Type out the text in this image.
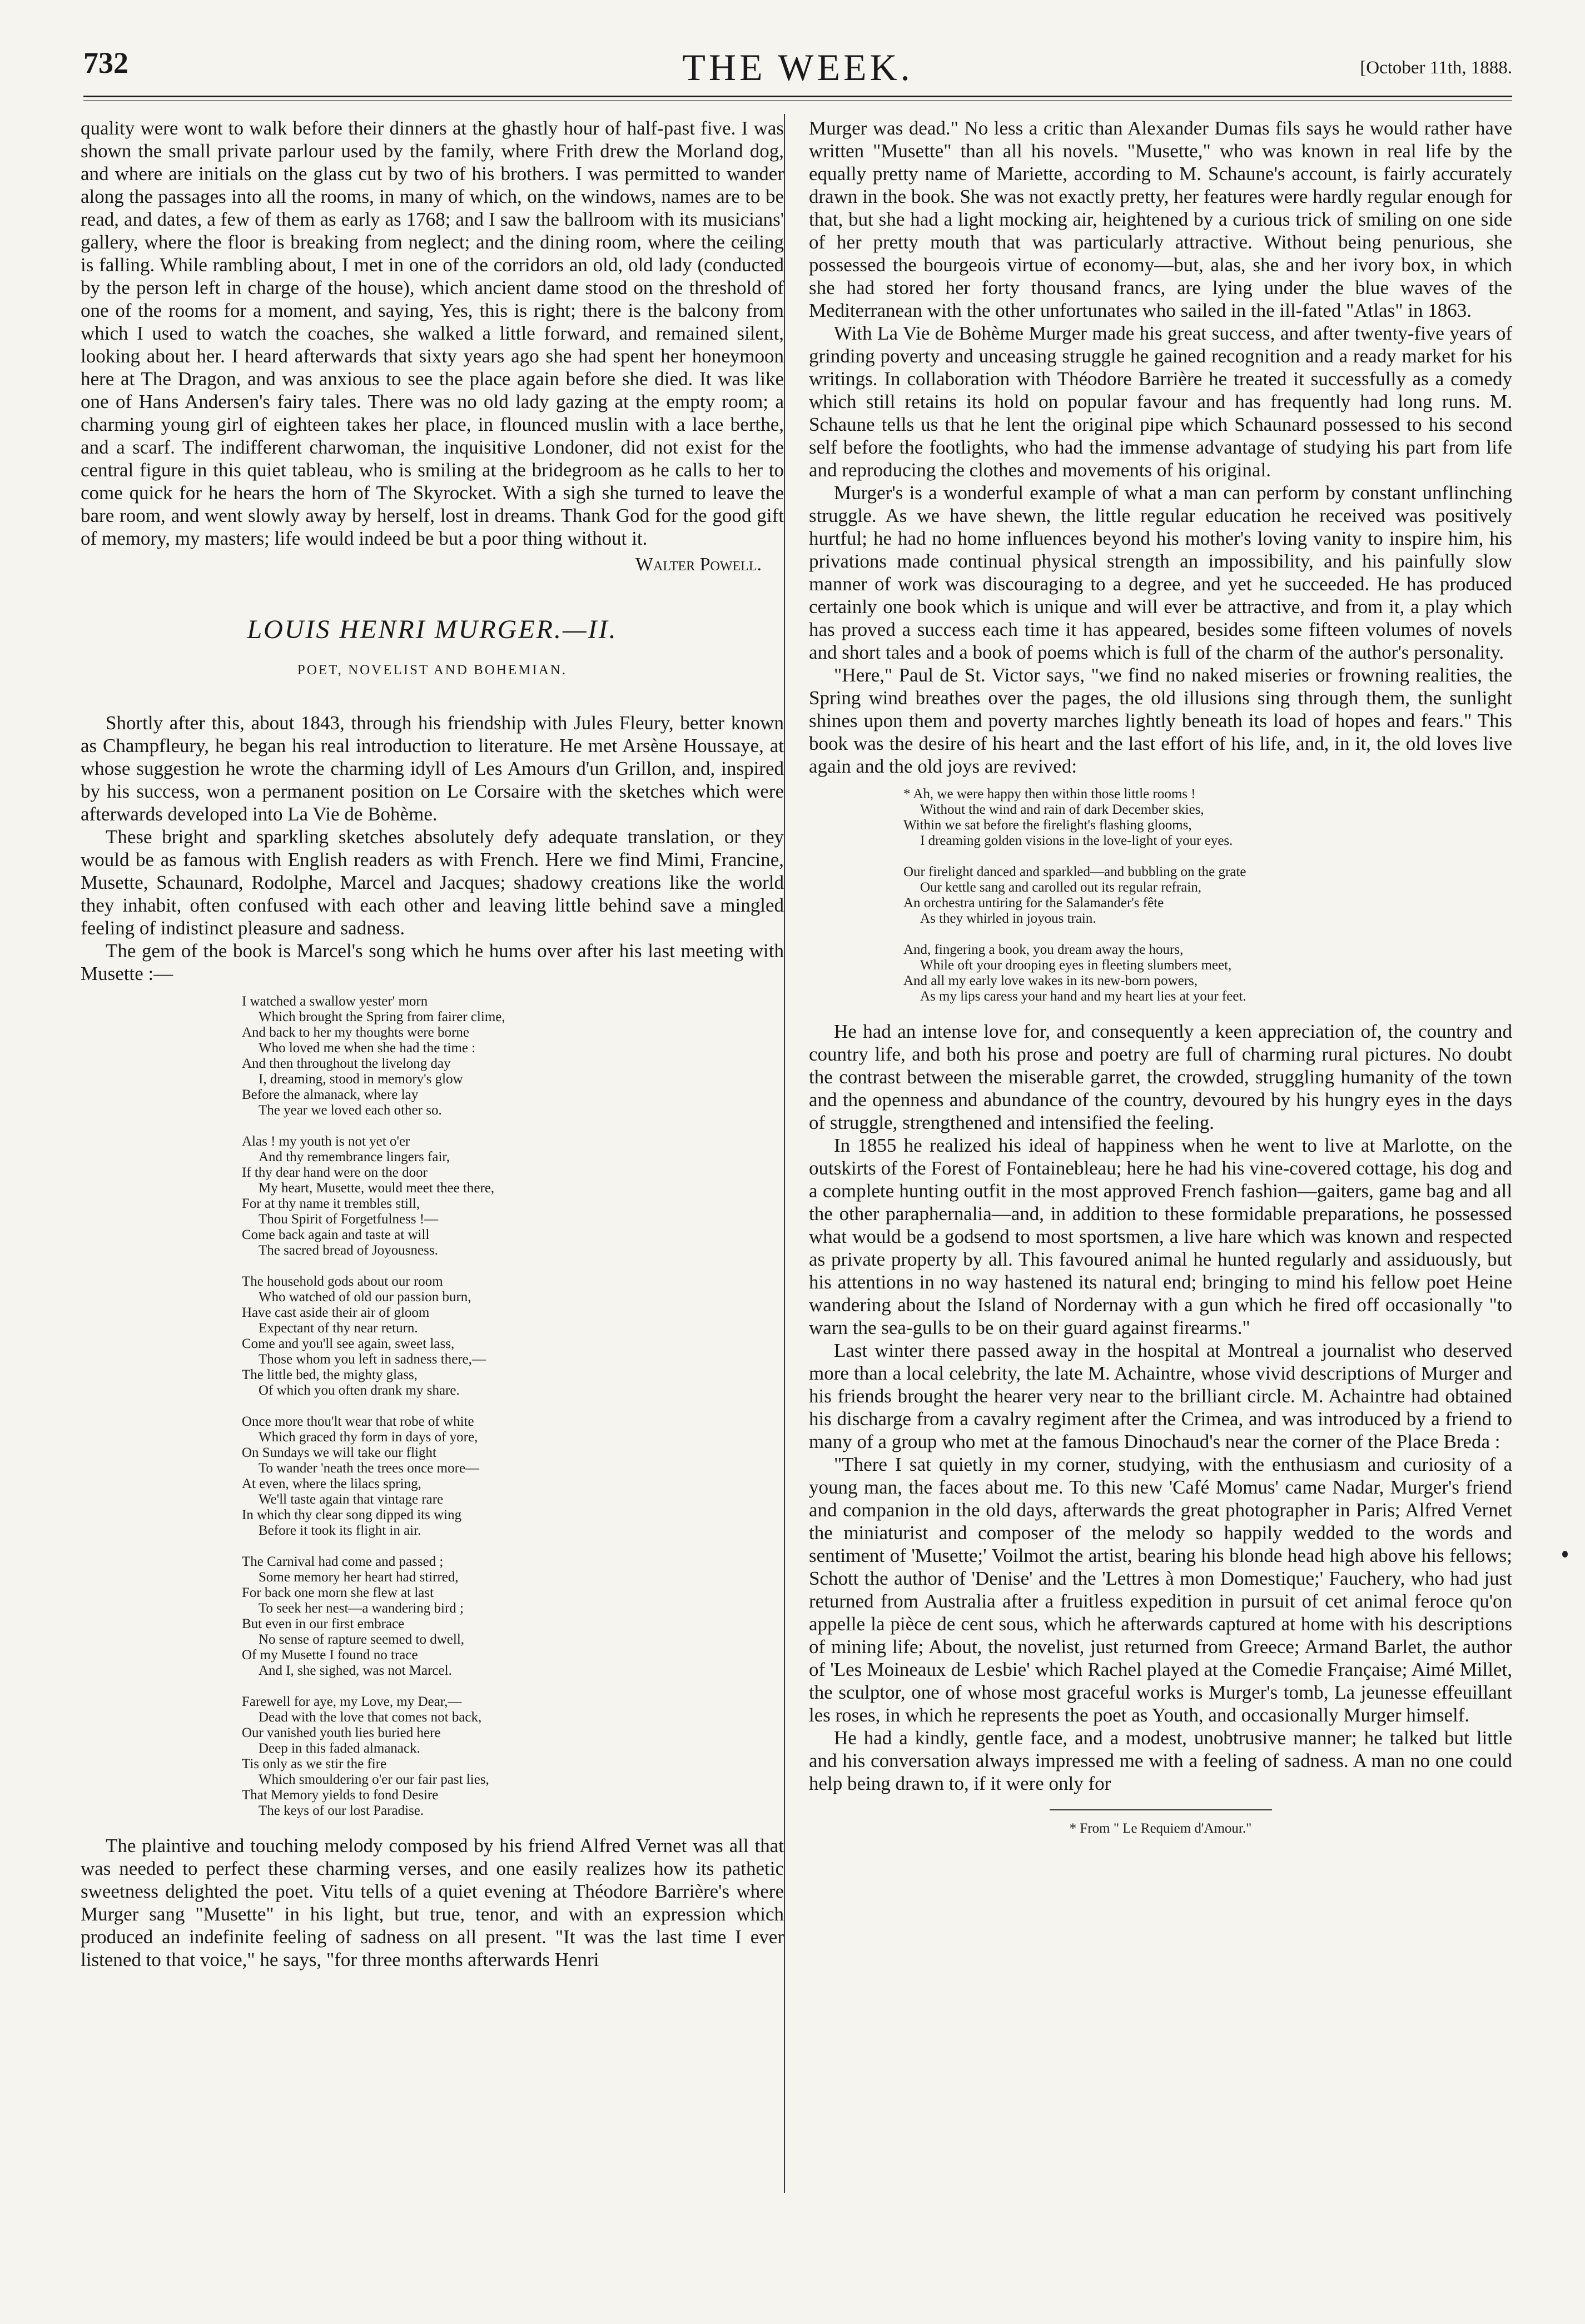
732	THE WEEK.	[October 11th, 1888.

quality were wont to walk before their dinners at the ghastly hour of half-past five. I was shown the small private parlour used by the family, where Frith drew the Morland dog, and where are initials on the glass cut by two of his brothers. I was permitted to wander along the passages into all the rooms, in many of which, on the windows, names are to be read, and dates, a few of them as early as 1768; and I saw the ballroom with its musicians' gallery, where the floor is breaking from neglect; and the dining room, where the ceiling is falling. While rambling about, I met in one of the corridors an old, old lady (conducted by the person left in charge of the house), which ancient dame stood on the threshold of one of the rooms for a moment, and saying, Yes, this is right; there is the balcony from which I used to watch the coaches, she walked a little forward, and remained silent, looking about her. I heard afterwards that sixty years ago she had spent her honeymoon here at The Dragon, and was anxious to see the place again before she died. It was like one of Hans Andersen's fairy tales. There was no old lady gazing at the empty room; a charming young girl of eighteen takes her place, in flounced muslin with a lace berthe, and a scarf. The indifferent charwoman, the inquisitive Londoner, did not exist for the central figure in this quiet tableau, who is smiling at the bridegroom as he calls to her to come quick for he hears the horn of The Skyrocket. With a sigh she turned to leave the bare room, and went slowly away by herself, lost in dreams. Thank God for the good gift of memory, my masters; life would indeed be but a poor thing without it.

Walter Powell.
LOUIS HENRI MURGER.—II.
POET, NOVELIST AND BOHEMIAN.

Shortly after this, about 1843, through his friendship with Jules Fleury, better known as Champfleury, he began his real introduction to literature. He met Arsène Houssaye, at whose suggestion he wrote the charming idyll of Les Amours d'un Grillon, and, inspired by his success, won a permanent position on Le Corsaire with the sketches which were afterwards developed into La Vie de Bohème.

These bright and sparkling sketches absolutely defy adequate translation, or they would be as famous with English readers as with French. Here we find Mimi, Francine, Musette, Schaunard, Rodolphe, Marcel and Jacques; shadowy creations like the world they inhabit, often confused with each other and leaving little behind save a mingled feeling of indistinct pleasure and sadness.

The gem of the book is Marcel's song which he hums over after his last meeting with Musette :—

I watched a swallow yester' morn
Which brought the Spring from fairer clime,
And back to her my thoughts were borne
Who loved me when she had the time :
And then throughout the livelong day
I, dreaming, stood in memory's glow
Before the almanack, where lay
The year we loved each other so.
Alas ! my youth is not yet o'er
And thy remembrance lingers fair,
If thy dear hand were on the door
My heart, Musette, would meet thee there,
For at thy name it trembles still,
Thou Spirit of Forgetfulness !—
Come back again and taste at will
The sacred bread of Joyousness.
The household gods about our room
Who watched of old our passion burn,
Have cast aside their air of gloom
Expectant of thy near return.
Come and you'll see again, sweet lass,
Those whom you left in sadness there,—
The little bed, the mighty glass,
Of which you often drank my share.
Once more thou'lt wear that robe of white
Which graced thy form in days of yore,
On Sundays we will take our flight
To wander 'neath the trees once more—
At even, where the lilacs spring,
We'll taste again that vintage rare
In which thy clear song dipped its wing
Before it took its flight in air.
The Carnival had come and passed ;
Some memory her heart had stirred,
For back one morn she flew at last
To seek her nest—a wandering bird ;
But even in our first embrace
No sense of rapture seemed to dwell,
Of my Musette I found no trace
And I, she sighed, was not Marcel.
Farewell for aye, my Love, my Dear,—
Dead with the love that comes not back,
Our vanished youth lies buried here
Deep in this faded almanack.
Tis only as we stir the fire
Which smouldering o'er our fair past lies,
That Memory yields to fond Desire
The keys of our lost Paradise.

The plaintive and touching melody composed by his friend Alfred Vernet was all that was needed to perfect these charming verses, and one easily realizes how its pathetic sweetness delighted the poet. Vitu tells of a quiet evening at Théodore Barrière's where Murger sang "Musette" in his light, but true, tenor, and with an expression which produced an indefinite feeling of sadness on all present. "It was the last time I ever listened to that voice," he says, "for three months afterwards Henri

Murger was dead." No less a critic than Alexander Dumas fils says he would rather have written "Musette" than all his novels. "Musette," who was known in real life by the equally pretty name of Mariette, according to M. Schaune's account, is fairly accurately drawn in the book. She was not exactly pretty, her features were hardly regular enough for that, but she had a light mocking air, heightened by a curious trick of smiling on one side of her pretty mouth that was particularly attractive. Without being penurious, she possessed the bourgeois virtue of economy—but, alas, she and her ivory box, in which she had stored her forty thousand francs, are lying under the blue waves of the Mediterranean with the other unfortunates who sailed in the ill-fated "Atlas" in 1863.

With La Vie de Bohème Murger made his great success, and after twenty-five years of grinding poverty and unceasing struggle he gained recognition and a ready market for his writings. In collaboration with Théodore Barrière he treated it successfully as a comedy which still retains its hold on popular favour and has frequently had long runs. M. Schaune tells us that he lent the original pipe which Schaunard possessed to his second self before the footlights, who had the immense advantage of studying his part from life and reproducing the clothes and movements of his original.

Murger's is a wonderful example of what a man can perform by constant unflinching struggle. As we have shewn, the little regular education he received was positively hurtful; he had no home influences beyond his mother's loving vanity to inspire him, his privations made continual physical strength an impossibility, and his painfully slow manner of work was discouraging to a degree, and yet he succeeded. He has produced certainly one book which is unique and will ever be attractive, and from it, a play which has proved a success each time it has appeared, besides some fifteen volumes of novels and short tales and a book of poems which is full of the charm of the author's personality.

"Here," Paul de St. Victor says, "we find no naked miseries or frowning realities, the Spring wind breathes over the pages, the old illusions sing through them, the sunlight shines upon them and poverty marches lightly beneath its load of hopes and fears." This book was the desire of his heart and the last effort of his life, and, in it, the old loves live again and the old joys are revived:

* Ah, we were happy then within those little rooms !
Without the wind and rain of dark December skies,
Within we sat before the firelight's flashing glooms,
I dreaming golden visions in the love-light of your eyes.
Our firelight danced and sparkled—and bubbling on the grate
Our kettle sang and carolled out its regular refrain,
An orchestra untiring for the Salamander's fête
As they whirled in joyous train.
And, fingering a book, you dream away the hours,
While oft your drooping eyes in fleeting slumbers meet,
And all my early love wakes in its new-born powers,
As my lips caress your hand and my heart lies at your feet.

He had an intense love for, and consequently a keen appreciation of, the country and country life, and both his prose and poetry are full of charming rural pictures. No doubt the contrast between the miserable garret, the crowded, struggling humanity of the town and the openness and abundance of the country, devoured by his hungry eyes in the days of struggle, strengthened and intensified the feeling.

In 1855 he realized his ideal of happiness when he went to live at Marlotte, on the outskirts of the Forest of Fontainebleau; here he had his vine-covered cottage, his dog and a complete hunting outfit in the most approved French fashion—gaiters, game bag and all the other paraphernalia—and, in addition to these formidable preparations, he possessed what would be a godsend to most sportsmen, a live hare which was known and respected as private property by all. This favoured animal he hunted regularly and assiduously, but his attentions in no way hastened its natural end; bringing to mind his fellow poet Heine wandering about the Island of Nordernay with a gun which he fired off occasionally "to warn the sea-gulls to be on their guard against firearms."

Last winter there passed away in the hospital at Montreal a journalist who deserved more than a local celebrity, the late M. Achaintre, whose vivid descriptions of Murger and his friends brought the hearer very near to the brilliant circle. M. Achaintre had obtained his discharge from a cavalry regiment after the Crimea, and was introduced by a friend to many of a group who met at the famous Dinochaud's near the corner of the Place Breda :

"There I sat quietly in my corner, studying, with the enthusiasm and curiosity of a young man, the faces about me. To this new 'Café Momus' came Nadar, Murger's friend and companion in the old days, afterwards the great photographer in Paris; Alfred Vernet the miniaturist and composer of the melody so happily wedded to the words and sentiment of 'Musette;' Voilmot the artist, bearing his blonde head high above his fellows; Schott the author of 'Denise' and the 'Lettres à mon Domestique;' Fauchery, who had just returned from Australia after a fruitless expedition in pursuit of cet animal feroce qu'on appelle la pièce de cent sous, which he afterwards captured at home with his descriptions of mining life; About, the novelist, just returned from Greece; Armand Barlet, the author of 'Les Moineaux de Lesbie' which Rachel played at the Comedie Française; Aimé Millet, the sculptor, one of whose most graceful works is Murger's tomb, La jeunesse effeuillant les roses, in which he represents the poet as Youth, and occasionally Murger himself.

He had a kindly, gentle face, and a modest, unobtrusive manner; he talked but little and his conversation always impressed me with a feeling of sadness. A man no one could help being drawn to, if it were only for

* From " Le Requiem d'Amour."
